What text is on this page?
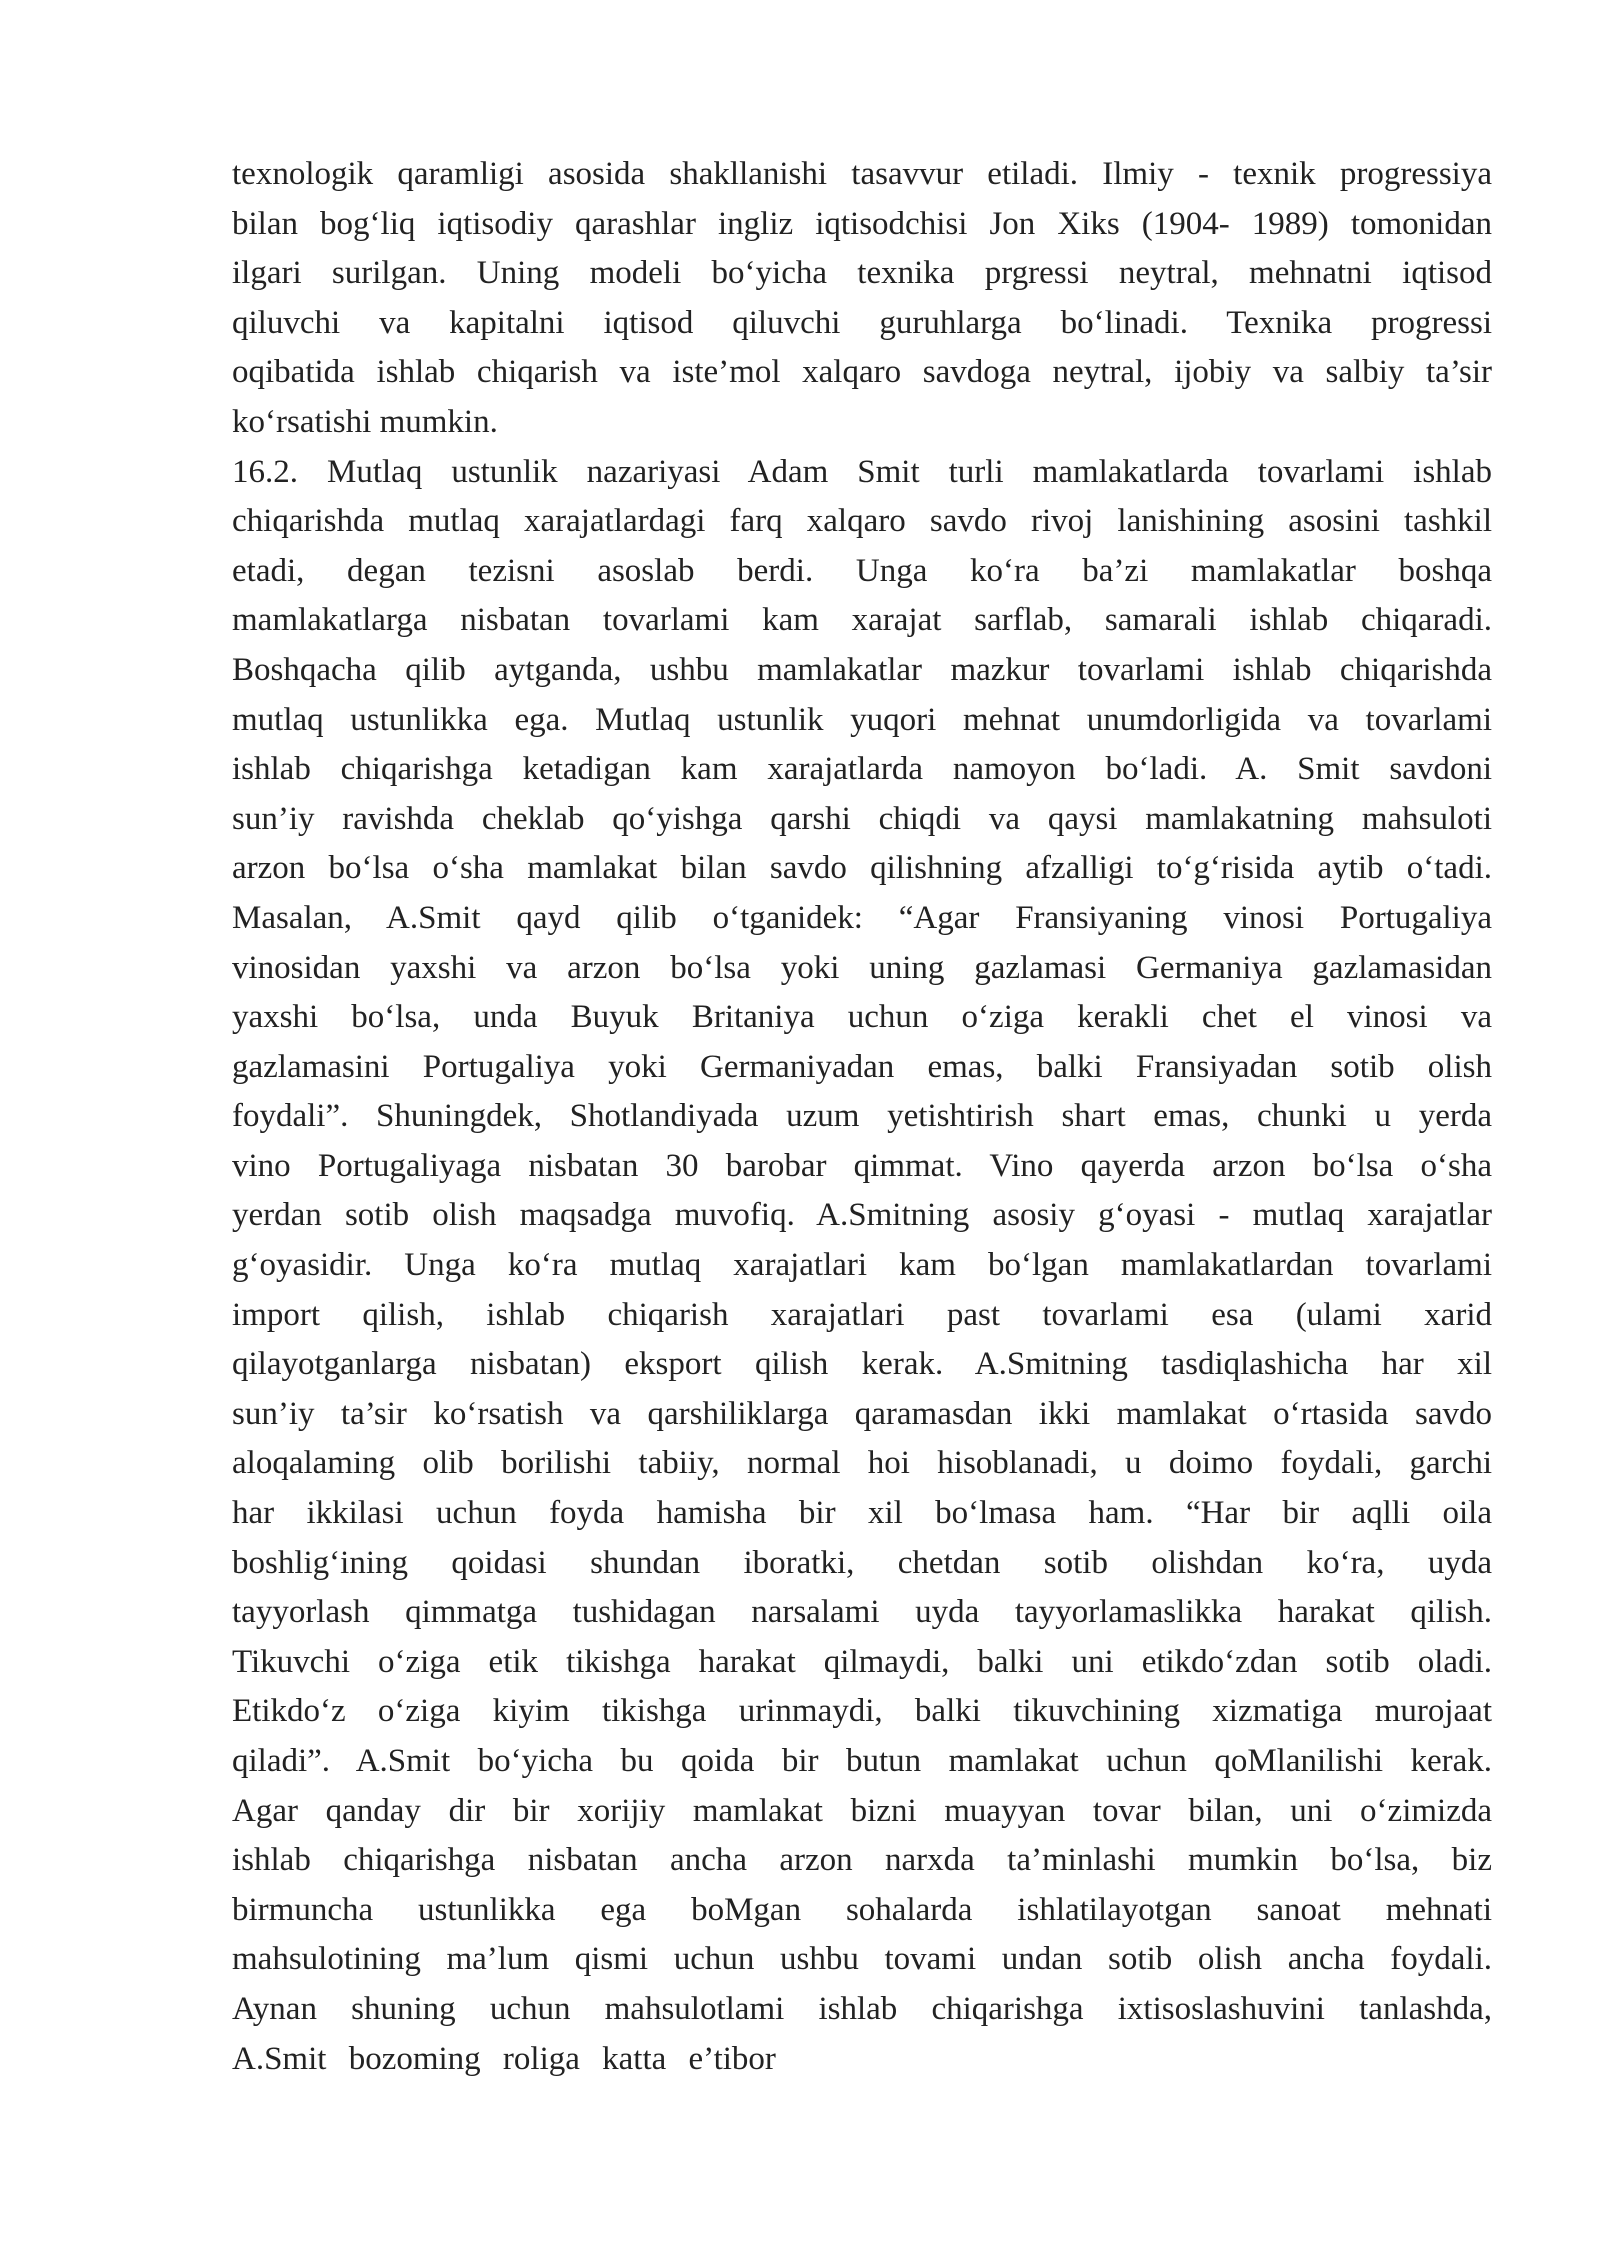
texnologik qaramligi asosida shakllanishi tasavvur etiladi. Ilmiy - texnik progressiya
bilan bog‘liq iqtisodiy qarashlar ingliz iqtisodchisi Jon Xiks (1904- 1989) tomonidan
ilgari surilgan. Uning modeli bo‘yicha texnika prgressi neytral, mehnatni iqtisod
qiluvchi va kapitalni iqtisod qiluvchi guruhlarga bo‘linadi. Texnika progressi
oqibatida ishlab chiqarish va iste’mol xalqaro savdoga neytral, ijobiy va salbiy ta’sir
ko‘rsatishi mumkin.
16.2. Mutlaq ustunlik nazariyasi Adam Smit turli mamlakatlarda tovarlami ishlab
chiqarishda mutlaq xarajatlardagi farq xalqaro savdo rivoj lanishining asosini tashkil
etadi, degan tezisni asoslab berdi. Unga ko‘ra ba’zi mamlakatlar boshqa
mamlakatlarga nisbatan tovarlami kam xarajat sarflab, samarali ishlab chiqaradi.
Boshqacha qilib aytganda, ushbu mamlakatlar mazkur tovarlami ishlab chiqarishda
mutlaq ustunlikka ega. Mutlaq ustunlik yuqori mehnat unumdorligida va tovarlami
ishlab chiqarishga ketadigan kam xarajatlarda namoyon bo‘ladi. A. Smit savdoni
sun’iy ravishda cheklab qo‘yishga qarshi chiqdi va qaysi mamlakatning mahsuloti
arzon bo‘lsa o‘sha mamlakat bilan savdo qilishning afzalligi to‘g‘risida aytib o‘tadi.
Masalan, A.Smit qayd qilib o‘tganidek: “Agar Fransiyaning vinosi Portugaliya
vinosidan yaxshi va arzon bo‘lsa yoki uning gazlamasi Germaniya gazlamasidan
yaxshi bo‘lsa, unda Buyuk Britaniya uchun o‘ziga kerakli chet el vinosi va
gazlamasini Portugaliya yoki Germaniyadan emas, balki Fransiyadan sotib olish
foydali”. Shuningdek, Shotlandiyada uzum yetishtirish shart emas, chunki u yerda
vino Portugaliyaga nisbatan 30 barobar qimmat. Vino qayerda arzon bo‘lsa o‘sha
yerdan sotib olish maqsadga muvofiq. A.Smitning asosiy g‘oyasi - mutlaq xarajatlar
g‘oyasidir. Unga ko‘ra mutlaq xarajatlari kam bo‘lgan mamlakatlardan tovarlami
import qilish, ishlab chiqarish xarajatlari past tovarlami esa (ulami xarid
qilayotganlarga nisbatan) eksport qilish kerak. A.Smitning tasdiqlashicha har xil
sun’iy ta’sir ko‘rsatish va qarshiliklarga qaramasdan ikki mamlakat o‘rtasida savdo
aloqalaming olib borilishi tabiiy, normal hoi hisoblanadi, u doimo foydali, garchi
har ikkilasi uchun foyda hamisha bir xil bo‘lmasa ham. “Har bir aqlli oila
boshlig‘ining qoidasi shundan iboratki, chetdan sotib olishdan ko‘ra, uyda
tayyorlash qimmatga tushidagan narsalami uyda tayyorlamaslikka harakat qilish.
Tikuvchi o‘ziga etik tikishga harakat qilmaydi, balki uni etikdo‘zdan sotib oladi.
Etikdo‘z o‘ziga kiyim tikishga urinmaydi, balki tikuvchining xizmatiga murojaat
qiladi”. A.Smit bo‘yicha bu qoida bir butun mamlakat uchun qoMlanilishi kerak.
Agar qanday dir bir xorijiy mamlakat bizni muayyan tovar bilan, uni o‘zimizda
ishlab chiqarishga nisbatan ancha arzon narxda ta’minlashi mumkin bo‘lsa, biz
birmuncha ustunlikka ega boMgan sohalarda ishlatilayotgan sanoat mehnati
mahsulotining ma’lum qismi uchun ushbu tovami undan sotib olish ancha foydali.
Aynan shuning uchun mahsulotlami ishlab chiqarishga ixtisoslashuvini tanlashda,
A.Smit bozoming roliga katta e’tibor
